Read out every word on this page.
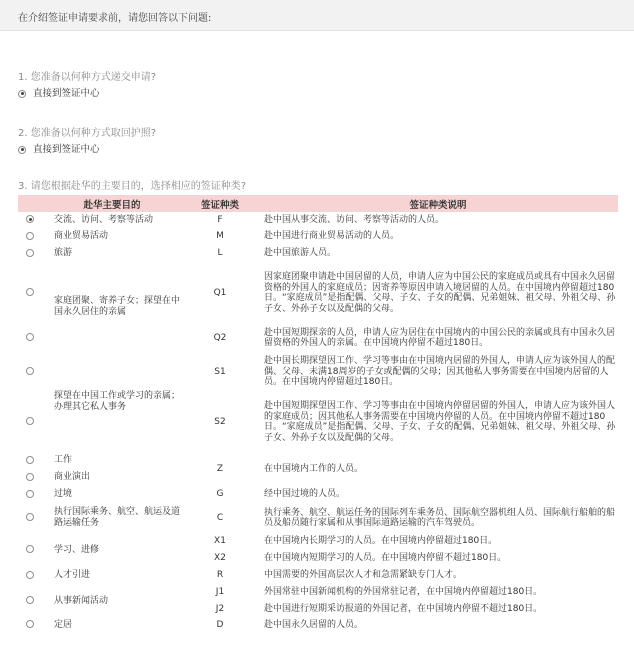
在介绍签证申请要求前，请您回答以下问题:
1. 您准备以何种方式递交申请?
直接到签证中心
2. 您准备以何种方式取回护照?
直接到签证中心
3. 请您根据赴华的主要目的，选择相应的签证种类?
	赴华主要目的	签证种类	签证种类说明
	交流、访问、考察等活动	F	赴中国从事交流、访问、考察等活动的人员。
	商业贸易活动	M	赴中国进行商业贸易活动的人员。
	旅游	L	赴中国旅游人员。
	家庭团聚、寄养子女；探望在中国永久居住的亲属	Q1	因家庭团聚申请赴中国居留的人员，申请人应为中国公民的家庭成员或具有中国永久居留资格的外国人的家庭成员；因寄养等原因申请入境居留的人员。在中国境内停留超过180日。“家庭成员”是指配偶、父母、子女、子女的配偶、兄弟姐妹、祖父母、外祖父母、孙子女、外孙子女以及配偶的父母。
		Q2	赴中国短期探亲的人员，申请人应为居住在中国境内的中国公民的亲属或具有中国永久居留资格的外国人的亲属。在中国境内停留不超过180日。
	探望在中国工作或学习的亲属；办理其它私人事务	S1	赴中国长期探望因工作、学习等事由在中国境内居留的外国人，申请人应为该外国人的配偶、父母、未满18周岁的子女或配偶的父母；因其他私人事务需要在中国境内居留的人员。在中国境内停留超过180日。
		S2	赴中国短期探望因工作、学习等事由在中国境内停留居留的外国人，申请人应为该外国人的家庭成员；因其他私人事务需要在中国境内停留的人员。在中国境内停留不超过180日。“家庭成员”是指配偶、父母、子女、子女的配偶、兄弟姐妹、祖父母、外祖父母、孙子女、外孙子女以及配偶的父母。
	工作	Z	在中国境内工作的人员。
	商业演出		
	过境	G	经中国过境的人员。
	执行国际乘务、航空、航运及道路运输任务	C	执行乘务、航空、航运任务的国际列车乘务员、国际航空器机组人员、国际航行船舶的船员及船员随行家属和从事国际道路运输的汽车驾驶员。
	学习、进修	X1	在中国境内长期学习的人员。在中国境内停留超过180日。
		X2	在中国境内短期学习的人员。在中国境内停留不超过180日。
	人才引进	R	中国需要的外国高层次人才和急需紧缺专门人才。
	从事新闻活动	J1	外国常驻中国新闻机构的外国常驻记者，在中国境内停留超过180日。
		J2	赴中国进行短期采访报道的外国记者，在中国境内停留不超过180日。
	定居	D	赴中国永久居留的人员。
